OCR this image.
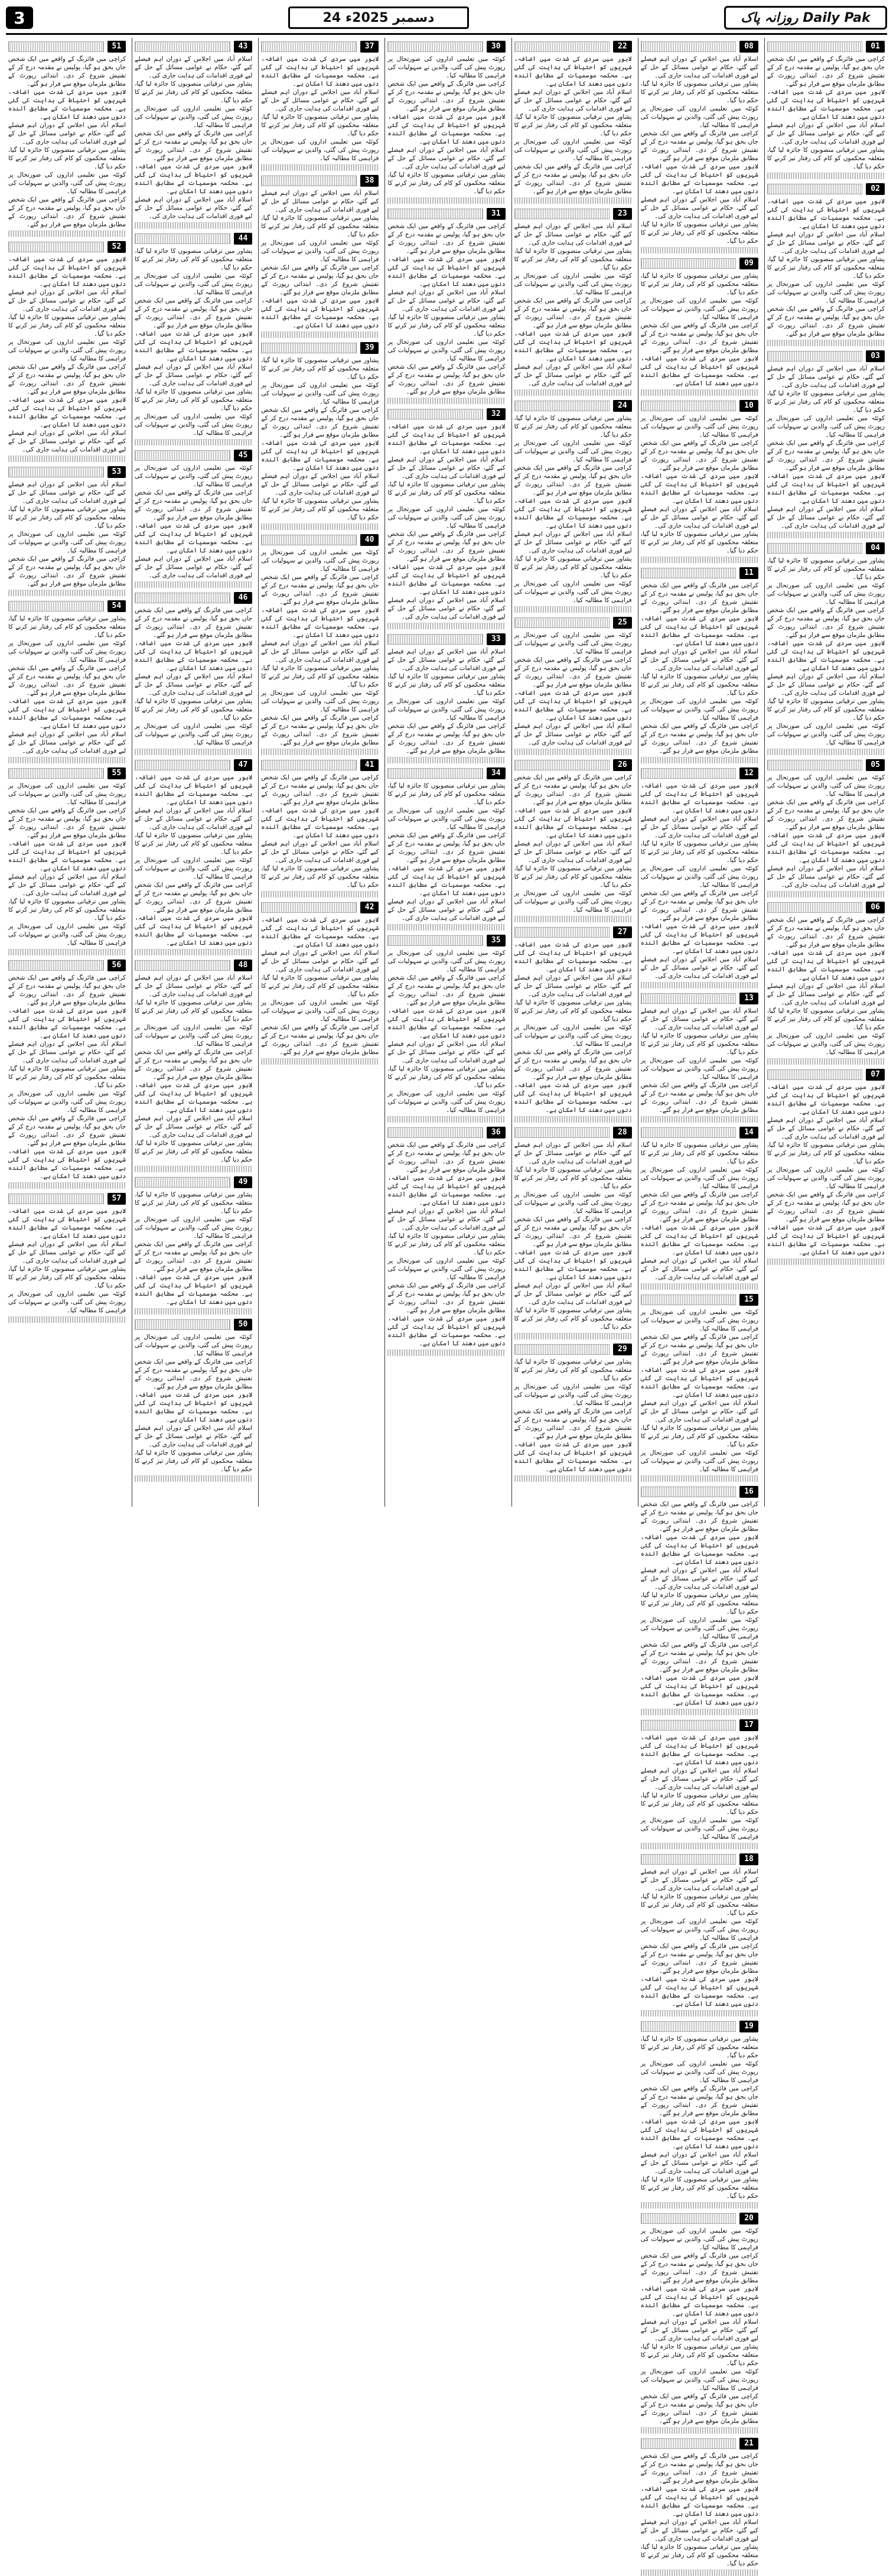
3	24 دسمبر 2025ء	روزانہ پاک Daily Pak
01
کراچی میں فائرنگ کے واقعے میں ایک شخص جاں بحق ہو گیا، پولیس نے مقدمہ درج کر کے تفتیش شروع کر دی۔ ابتدائی رپورٹ کے مطابق ملزمان موقع سے فرار ہو گئے۔
لاہور میں سردی کی شدت میں اضافہ، شہریوں کو احتیاط کی ہدایت کی گئی ہے۔ محکمہ موسمیات کے مطابق آئندہ دنوں میں دھند کا امکان ہے۔
اسلام آباد میں اجلاس کے دوران اہم فیصلے کیے گئے، حکام نے عوامی مسائل کے حل کے لیے فوری اقدامات کی ہدایت جاری کی۔
پشاور میں ترقیاتی منصوبوں کا جائزہ لیا گیا، متعلقہ محکموں کو کام کی رفتار تیز کرنے کا حکم دیا گیا۔
02
لاہور میں سردی کی شدت میں اضافہ، شہریوں کو احتیاط کی ہدایت کی گئی ہے۔ محکمہ موسمیات کے مطابق آئندہ دنوں میں دھند کا امکان ہے۔
اسلام آباد میں اجلاس کے دوران اہم فیصلے کیے گئے، حکام نے عوامی مسائل کے حل کے لیے فوری اقدامات کی ہدایت جاری کی۔
پشاور میں ترقیاتی منصوبوں کا جائزہ لیا گیا، متعلقہ محکموں کو کام کی رفتار تیز کرنے کا حکم دیا گیا۔
کوئٹہ میں تعلیمی اداروں کی صورتحال پر رپورٹ پیش کی گئی، والدین نے سہولیات کی فراہمی کا مطالبہ کیا۔
کراچی میں فائرنگ کے واقعے میں ایک شخص جاں بحق ہو گیا، پولیس نے مقدمہ درج کر کے تفتیش شروع کر دی۔ ابتدائی رپورٹ کے مطابق ملزمان موقع سے فرار ہو گئے۔
03
اسلام آباد میں اجلاس کے دوران اہم فیصلے کیے گئے، حکام نے عوامی مسائل کے حل کے لیے فوری اقدامات کی ہدایت جاری کی۔
پشاور میں ترقیاتی منصوبوں کا جائزہ لیا گیا، متعلقہ محکموں کو کام کی رفتار تیز کرنے کا حکم دیا گیا۔
کوئٹہ میں تعلیمی اداروں کی صورتحال پر رپورٹ پیش کی گئی، والدین نے سہولیات کی فراہمی کا مطالبہ کیا۔
کراچی میں فائرنگ کے واقعے میں ایک شخص جاں بحق ہو گیا، پولیس نے مقدمہ درج کر کے تفتیش شروع کر دی۔ ابتدائی رپورٹ کے مطابق ملزمان موقع سے فرار ہو گئے۔
لاہور میں سردی کی شدت میں اضافہ، شہریوں کو احتیاط کی ہدایت کی گئی ہے۔ محکمہ موسمیات کے مطابق آئندہ دنوں میں دھند کا امکان ہے۔
اسلام آباد میں اجلاس کے دوران اہم فیصلے کیے گئے، حکام نے عوامی مسائل کے حل کے لیے فوری اقدامات کی ہدایت جاری کی۔
04
پشاور میں ترقیاتی منصوبوں کا جائزہ لیا گیا، متعلقہ محکموں کو کام کی رفتار تیز کرنے کا حکم دیا گیا۔
کوئٹہ میں تعلیمی اداروں کی صورتحال پر رپورٹ پیش کی گئی، والدین نے سہولیات کی فراہمی کا مطالبہ کیا۔
کراچی میں فائرنگ کے واقعے میں ایک شخص جاں بحق ہو گیا، پولیس نے مقدمہ درج کر کے تفتیش شروع کر دی۔ ابتدائی رپورٹ کے مطابق ملزمان موقع سے فرار ہو گئے۔
لاہور میں سردی کی شدت میں اضافہ، شہریوں کو احتیاط کی ہدایت کی گئی ہے۔ محکمہ موسمیات کے مطابق آئندہ دنوں میں دھند کا امکان ہے۔
اسلام آباد میں اجلاس کے دوران اہم فیصلے کیے گئے، حکام نے عوامی مسائل کے حل کے لیے فوری اقدامات کی ہدایت جاری کی۔
پشاور میں ترقیاتی منصوبوں کا جائزہ لیا گیا، متعلقہ محکموں کو کام کی رفتار تیز کرنے کا حکم دیا گیا۔
کوئٹہ میں تعلیمی اداروں کی صورتحال پر رپورٹ پیش کی گئی، والدین نے سہولیات کی فراہمی کا مطالبہ کیا۔
05
کوئٹہ میں تعلیمی اداروں کی صورتحال پر رپورٹ پیش کی گئی، والدین نے سہولیات کی فراہمی کا مطالبہ کیا۔
کراچی میں فائرنگ کے واقعے میں ایک شخص جاں بحق ہو گیا، پولیس نے مقدمہ درج کر کے تفتیش شروع کر دی۔ ابتدائی رپورٹ کے مطابق ملزمان موقع سے فرار ہو گئے۔
لاہور میں سردی کی شدت میں اضافہ، شہریوں کو احتیاط کی ہدایت کی گئی ہے۔ محکمہ موسمیات کے مطابق آئندہ دنوں میں دھند کا امکان ہے۔
اسلام آباد میں اجلاس کے دوران اہم فیصلے کیے گئے، حکام نے عوامی مسائل کے حل کے لیے فوری اقدامات کی ہدایت جاری کی۔
06
کراچی میں فائرنگ کے واقعے میں ایک شخص جاں بحق ہو گیا، پولیس نے مقدمہ درج کر کے تفتیش شروع کر دی۔ ابتدائی رپورٹ کے مطابق ملزمان موقع سے فرار ہو گئے۔
لاہور میں سردی کی شدت میں اضافہ، شہریوں کو احتیاط کی ہدایت کی گئی ہے۔ محکمہ موسمیات کے مطابق آئندہ دنوں میں دھند کا امکان ہے۔
اسلام آباد میں اجلاس کے دوران اہم فیصلے کیے گئے، حکام نے عوامی مسائل کے حل کے لیے فوری اقدامات کی ہدایت جاری کی۔
پشاور میں ترقیاتی منصوبوں کا جائزہ لیا گیا، متعلقہ محکموں کو کام کی رفتار تیز کرنے کا حکم دیا گیا۔
کوئٹہ میں تعلیمی اداروں کی صورتحال پر رپورٹ پیش کی گئی، والدین نے سہولیات کی فراہمی کا مطالبہ کیا۔
07
لاہور میں سردی کی شدت میں اضافہ، شہریوں کو احتیاط کی ہدایت کی گئی ہے۔ محکمہ موسمیات کے مطابق آئندہ دنوں میں دھند کا امکان ہے۔
اسلام آباد میں اجلاس کے دوران اہم فیصلے کیے گئے، حکام نے عوامی مسائل کے حل کے لیے فوری اقدامات کی ہدایت جاری کی۔
پشاور میں ترقیاتی منصوبوں کا جائزہ لیا گیا، متعلقہ محکموں کو کام کی رفتار تیز کرنے کا حکم دیا گیا۔
کوئٹہ میں تعلیمی اداروں کی صورتحال پر رپورٹ پیش کی گئی، والدین نے سہولیات کی فراہمی کا مطالبہ کیا۔
کراچی میں فائرنگ کے واقعے میں ایک شخص جاں بحق ہو گیا، پولیس نے مقدمہ درج کر کے تفتیش شروع کر دی۔ ابتدائی رپورٹ کے مطابق ملزمان موقع سے فرار ہو گئے۔
لاہور میں سردی کی شدت میں اضافہ، شہریوں کو احتیاط کی ہدایت کی گئی ہے۔ محکمہ موسمیات کے مطابق آئندہ دنوں میں دھند کا امکان ہے۔
08
اسلام آباد میں اجلاس کے دوران اہم فیصلے کیے گئے، حکام نے عوامی مسائل کے حل کے لیے فوری اقدامات کی ہدایت جاری کی۔
پشاور میں ترقیاتی منصوبوں کا جائزہ لیا گیا، متعلقہ محکموں کو کام کی رفتار تیز کرنے کا حکم دیا گیا۔
کوئٹہ میں تعلیمی اداروں کی صورتحال پر رپورٹ پیش کی گئی، والدین نے سہولیات کی فراہمی کا مطالبہ کیا۔
کراچی میں فائرنگ کے واقعے میں ایک شخص جاں بحق ہو گیا، پولیس نے مقدمہ درج کر کے تفتیش شروع کر دی۔ ابتدائی رپورٹ کے مطابق ملزمان موقع سے فرار ہو گئے۔
لاہور میں سردی کی شدت میں اضافہ، شہریوں کو احتیاط کی ہدایت کی گئی ہے۔ محکمہ موسمیات کے مطابق آئندہ دنوں میں دھند کا امکان ہے۔
اسلام آباد میں اجلاس کے دوران اہم فیصلے کیے گئے، حکام نے عوامی مسائل کے حل کے لیے فوری اقدامات کی ہدایت جاری کی۔
پشاور میں ترقیاتی منصوبوں کا جائزہ لیا گیا، متعلقہ محکموں کو کام کی رفتار تیز کرنے کا حکم دیا گیا۔
09
پشاور میں ترقیاتی منصوبوں کا جائزہ لیا گیا، متعلقہ محکموں کو کام کی رفتار تیز کرنے کا حکم دیا گیا۔
کوئٹہ میں تعلیمی اداروں کی صورتحال پر رپورٹ پیش کی گئی، والدین نے سہولیات کی فراہمی کا مطالبہ کیا۔
کراچی میں فائرنگ کے واقعے میں ایک شخص جاں بحق ہو گیا، پولیس نے مقدمہ درج کر کے تفتیش شروع کر دی۔ ابتدائی رپورٹ کے مطابق ملزمان موقع سے فرار ہو گئے۔
لاہور میں سردی کی شدت میں اضافہ، شہریوں کو احتیاط کی ہدایت کی گئی ہے۔ محکمہ موسمیات کے مطابق آئندہ دنوں میں دھند کا امکان ہے۔
10
کوئٹہ میں تعلیمی اداروں کی صورتحال پر رپورٹ پیش کی گئی، والدین نے سہولیات کی فراہمی کا مطالبہ کیا۔
کراچی میں فائرنگ کے واقعے میں ایک شخص جاں بحق ہو گیا، پولیس نے مقدمہ درج کر کے تفتیش شروع کر دی۔ ابتدائی رپورٹ کے مطابق ملزمان موقع سے فرار ہو گئے۔
لاہور میں سردی کی شدت میں اضافہ، شہریوں کو احتیاط کی ہدایت کی گئی ہے۔ محکمہ موسمیات کے مطابق آئندہ دنوں میں دھند کا امکان ہے۔
اسلام آباد میں اجلاس کے دوران اہم فیصلے کیے گئے، حکام نے عوامی مسائل کے حل کے لیے فوری اقدامات کی ہدایت جاری کی۔
پشاور میں ترقیاتی منصوبوں کا جائزہ لیا گیا، متعلقہ محکموں کو کام کی رفتار تیز کرنے کا حکم دیا گیا۔
11
کراچی میں فائرنگ کے واقعے میں ایک شخص جاں بحق ہو گیا، پولیس نے مقدمہ درج کر کے تفتیش شروع کر دی۔ ابتدائی رپورٹ کے مطابق ملزمان موقع سے فرار ہو گئے۔
لاہور میں سردی کی شدت میں اضافہ، شہریوں کو احتیاط کی ہدایت کی گئی ہے۔ محکمہ موسمیات کے مطابق آئندہ دنوں میں دھند کا امکان ہے۔
اسلام آباد میں اجلاس کے دوران اہم فیصلے کیے گئے، حکام نے عوامی مسائل کے حل کے لیے فوری اقدامات کی ہدایت جاری کی۔
پشاور میں ترقیاتی منصوبوں کا جائزہ لیا گیا، متعلقہ محکموں کو کام کی رفتار تیز کرنے کا حکم دیا گیا۔
کوئٹہ میں تعلیمی اداروں کی صورتحال پر رپورٹ پیش کی گئی، والدین نے سہولیات کی فراہمی کا مطالبہ کیا۔
کراچی میں فائرنگ کے واقعے میں ایک شخص جاں بحق ہو گیا، پولیس نے مقدمہ درج کر کے تفتیش شروع کر دی۔ ابتدائی رپورٹ کے مطابق ملزمان موقع سے فرار ہو گئے۔
12
لاہور میں سردی کی شدت میں اضافہ، شہریوں کو احتیاط کی ہدایت کی گئی ہے۔ محکمہ موسمیات کے مطابق آئندہ دنوں میں دھند کا امکان ہے۔
اسلام آباد میں اجلاس کے دوران اہم فیصلے کیے گئے، حکام نے عوامی مسائل کے حل کے لیے فوری اقدامات کی ہدایت جاری کی۔
پشاور میں ترقیاتی منصوبوں کا جائزہ لیا گیا، متعلقہ محکموں کو کام کی رفتار تیز کرنے کا حکم دیا گیا۔
کوئٹہ میں تعلیمی اداروں کی صورتحال پر رپورٹ پیش کی گئی، والدین نے سہولیات کی فراہمی کا مطالبہ کیا۔
کراچی میں فائرنگ کے واقعے میں ایک شخص جاں بحق ہو گیا، پولیس نے مقدمہ درج کر کے تفتیش شروع کر دی۔ ابتدائی رپورٹ کے مطابق ملزمان موقع سے فرار ہو گئے۔
لاہور میں سردی کی شدت میں اضافہ، شہریوں کو احتیاط کی ہدایت کی گئی ہے۔ محکمہ موسمیات کے مطابق آئندہ دنوں میں دھند کا امکان ہے۔
اسلام آباد میں اجلاس کے دوران اہم فیصلے کیے گئے، حکام نے عوامی مسائل کے حل کے لیے فوری اقدامات کی ہدایت جاری کی۔
13
اسلام آباد میں اجلاس کے دوران اہم فیصلے کیے گئے، حکام نے عوامی مسائل کے حل کے لیے فوری اقدامات کی ہدایت جاری کی۔
پشاور میں ترقیاتی منصوبوں کا جائزہ لیا گیا، متعلقہ محکموں کو کام کی رفتار تیز کرنے کا حکم دیا گیا۔
کوئٹہ میں تعلیمی اداروں کی صورتحال پر رپورٹ پیش کی گئی، والدین نے سہولیات کی فراہمی کا مطالبہ کیا۔
کراچی میں فائرنگ کے واقعے میں ایک شخص جاں بحق ہو گیا، پولیس نے مقدمہ درج کر کے تفتیش شروع کر دی۔ ابتدائی رپورٹ کے مطابق ملزمان موقع سے فرار ہو گئے۔
14
پشاور میں ترقیاتی منصوبوں کا جائزہ لیا گیا، متعلقہ محکموں کو کام کی رفتار تیز کرنے کا حکم دیا گیا۔
کوئٹہ میں تعلیمی اداروں کی صورتحال پر رپورٹ پیش کی گئی، والدین نے سہولیات کی فراہمی کا مطالبہ کیا۔
کراچی میں فائرنگ کے واقعے میں ایک شخص جاں بحق ہو گیا، پولیس نے مقدمہ درج کر کے تفتیش شروع کر دی۔ ابتدائی رپورٹ کے مطابق ملزمان موقع سے فرار ہو گئے۔
لاہور میں سردی کی شدت میں اضافہ، شہریوں کو احتیاط کی ہدایت کی گئی ہے۔ محکمہ موسمیات کے مطابق آئندہ دنوں میں دھند کا امکان ہے۔
اسلام آباد میں اجلاس کے دوران اہم فیصلے کیے گئے، حکام نے عوامی مسائل کے حل کے لیے فوری اقدامات کی ہدایت جاری کی۔
15
کوئٹہ میں تعلیمی اداروں کی صورتحال پر رپورٹ پیش کی گئی، والدین نے سہولیات کی فراہمی کا مطالبہ کیا۔
کراچی میں فائرنگ کے واقعے میں ایک شخص جاں بحق ہو گیا، پولیس نے مقدمہ درج کر کے تفتیش شروع کر دی۔ ابتدائی رپورٹ کے مطابق ملزمان موقع سے فرار ہو گئے۔
لاہور میں سردی کی شدت میں اضافہ، شہریوں کو احتیاط کی ہدایت کی گئی ہے۔ محکمہ موسمیات کے مطابق آئندہ دنوں میں دھند کا امکان ہے۔
اسلام آباد میں اجلاس کے دوران اہم فیصلے کیے گئے، حکام نے عوامی مسائل کے حل کے لیے فوری اقدامات کی ہدایت جاری کی۔
پشاور میں ترقیاتی منصوبوں کا جائزہ لیا گیا، متعلقہ محکموں کو کام کی رفتار تیز کرنے کا حکم دیا گیا۔
کوئٹہ میں تعلیمی اداروں کی صورتحال پر رپورٹ پیش کی گئی، والدین نے سہولیات کی فراہمی کا مطالبہ کیا۔
16
کراچی میں فائرنگ کے واقعے میں ایک شخص جاں بحق ہو گیا، پولیس نے مقدمہ درج کر کے تفتیش شروع کر دی۔ ابتدائی رپورٹ کے مطابق ملزمان موقع سے فرار ہو گئے۔
لاہور میں سردی کی شدت میں اضافہ، شہریوں کو احتیاط کی ہدایت کی گئی ہے۔ محکمہ موسمیات کے مطابق آئندہ دنوں میں دھند کا امکان ہے۔
اسلام آباد میں اجلاس کے دوران اہم فیصلے کیے گئے، حکام نے عوامی مسائل کے حل کے لیے فوری اقدامات کی ہدایت جاری کی۔
پشاور میں ترقیاتی منصوبوں کا جائزہ لیا گیا، متعلقہ محکموں کو کام کی رفتار تیز کرنے کا حکم دیا گیا۔
کوئٹہ میں تعلیمی اداروں کی صورتحال پر رپورٹ پیش کی گئی، والدین نے سہولیات کی فراہمی کا مطالبہ کیا۔
کراچی میں فائرنگ کے واقعے میں ایک شخص جاں بحق ہو گیا، پولیس نے مقدمہ درج کر کے تفتیش شروع کر دی۔ ابتدائی رپورٹ کے مطابق ملزمان موقع سے فرار ہو گئے۔
لاہور میں سردی کی شدت میں اضافہ، شہریوں کو احتیاط کی ہدایت کی گئی ہے۔ محکمہ موسمیات کے مطابق آئندہ دنوں میں دھند کا امکان ہے۔
17
لاہور میں سردی کی شدت میں اضافہ، شہریوں کو احتیاط کی ہدایت کی گئی ہے۔ محکمہ موسمیات کے مطابق آئندہ دنوں میں دھند کا امکان ہے۔
اسلام آباد میں اجلاس کے دوران اہم فیصلے کیے گئے، حکام نے عوامی مسائل کے حل کے لیے فوری اقدامات کی ہدایت جاری کی۔
پشاور میں ترقیاتی منصوبوں کا جائزہ لیا گیا، متعلقہ محکموں کو کام کی رفتار تیز کرنے کا حکم دیا گیا۔
کوئٹہ میں تعلیمی اداروں کی صورتحال پر رپورٹ پیش کی گئی، والدین نے سہولیات کی فراہمی کا مطالبہ کیا۔
18
اسلام آباد میں اجلاس کے دوران اہم فیصلے کیے گئے، حکام نے عوامی مسائل کے حل کے لیے فوری اقدامات کی ہدایت جاری کی۔
پشاور میں ترقیاتی منصوبوں کا جائزہ لیا گیا، متعلقہ محکموں کو کام کی رفتار تیز کرنے کا حکم دیا گیا۔
کوئٹہ میں تعلیمی اداروں کی صورتحال پر رپورٹ پیش کی گئی، والدین نے سہولیات کی فراہمی کا مطالبہ کیا۔
کراچی میں فائرنگ کے واقعے میں ایک شخص جاں بحق ہو گیا، پولیس نے مقدمہ درج کر کے تفتیش شروع کر دی۔ ابتدائی رپورٹ کے مطابق ملزمان موقع سے فرار ہو گئے۔
لاہور میں سردی کی شدت میں اضافہ، شہریوں کو احتیاط کی ہدایت کی گئی ہے۔ محکمہ موسمیات کے مطابق آئندہ دنوں میں دھند کا امکان ہے۔
19
پشاور میں ترقیاتی منصوبوں کا جائزہ لیا گیا، متعلقہ محکموں کو کام کی رفتار تیز کرنے کا حکم دیا گیا۔
کوئٹہ میں تعلیمی اداروں کی صورتحال پر رپورٹ پیش کی گئی، والدین نے سہولیات کی فراہمی کا مطالبہ کیا۔
کراچی میں فائرنگ کے واقعے میں ایک شخص جاں بحق ہو گیا، پولیس نے مقدمہ درج کر کے تفتیش شروع کر دی۔ ابتدائی رپورٹ کے مطابق ملزمان موقع سے فرار ہو گئے۔
لاہور میں سردی کی شدت میں اضافہ، شہریوں کو احتیاط کی ہدایت کی گئی ہے۔ محکمہ موسمیات کے مطابق آئندہ دنوں میں دھند کا امکان ہے۔
اسلام آباد میں اجلاس کے دوران اہم فیصلے کیے گئے، حکام نے عوامی مسائل کے حل کے لیے فوری اقدامات کی ہدایت جاری کی۔
پشاور میں ترقیاتی منصوبوں کا جائزہ لیا گیا، متعلقہ محکموں کو کام کی رفتار تیز کرنے کا حکم دیا گیا۔
20
کوئٹہ میں تعلیمی اداروں کی صورتحال پر رپورٹ پیش کی گئی، والدین نے سہولیات کی فراہمی کا مطالبہ کیا۔
کراچی میں فائرنگ کے واقعے میں ایک شخص جاں بحق ہو گیا، پولیس نے مقدمہ درج کر کے تفتیش شروع کر دی۔ ابتدائی رپورٹ کے مطابق ملزمان موقع سے فرار ہو گئے۔
لاہور میں سردی کی شدت میں اضافہ، شہریوں کو احتیاط کی ہدایت کی گئی ہے۔ محکمہ موسمیات کے مطابق آئندہ دنوں میں دھند کا امکان ہے۔
اسلام آباد میں اجلاس کے دوران اہم فیصلے کیے گئے، حکام نے عوامی مسائل کے حل کے لیے فوری اقدامات کی ہدایت جاری کی۔
پشاور میں ترقیاتی منصوبوں کا جائزہ لیا گیا، متعلقہ محکموں کو کام کی رفتار تیز کرنے کا حکم دیا گیا۔
کوئٹہ میں تعلیمی اداروں کی صورتحال پر رپورٹ پیش کی گئی، والدین نے سہولیات کی فراہمی کا مطالبہ کیا۔
کراچی میں فائرنگ کے واقعے میں ایک شخص جاں بحق ہو گیا، پولیس نے مقدمہ درج کر کے تفتیش شروع کر دی۔ ابتدائی رپورٹ کے مطابق ملزمان موقع سے فرار ہو گئے۔
21
کراچی میں فائرنگ کے واقعے میں ایک شخص جاں بحق ہو گیا، پولیس نے مقدمہ درج کر کے تفتیش شروع کر دی۔ ابتدائی رپورٹ کے مطابق ملزمان موقع سے فرار ہو گئے۔
لاہور میں سردی کی شدت میں اضافہ، شہریوں کو احتیاط کی ہدایت کی گئی ہے۔ محکمہ موسمیات کے مطابق آئندہ دنوں میں دھند کا امکان ہے۔
اسلام آباد میں اجلاس کے دوران اہم فیصلے کیے گئے، حکام نے عوامی مسائل کے حل کے لیے فوری اقدامات کی ہدایت جاری کی۔
پشاور میں ترقیاتی منصوبوں کا جائزہ لیا گیا، متعلقہ محکموں کو کام کی رفتار تیز کرنے کا حکم دیا گیا۔
22
لاہور میں سردی کی شدت میں اضافہ، شہریوں کو احتیاط کی ہدایت کی گئی ہے۔ محکمہ موسمیات کے مطابق آئندہ دنوں میں دھند کا امکان ہے۔
اسلام آباد میں اجلاس کے دوران اہم فیصلے کیے گئے، حکام نے عوامی مسائل کے حل کے لیے فوری اقدامات کی ہدایت جاری کی۔
پشاور میں ترقیاتی منصوبوں کا جائزہ لیا گیا، متعلقہ محکموں کو کام کی رفتار تیز کرنے کا حکم دیا گیا۔
کوئٹہ میں تعلیمی اداروں کی صورتحال پر رپورٹ پیش کی گئی، والدین نے سہولیات کی فراہمی کا مطالبہ کیا۔
کراچی میں فائرنگ کے واقعے میں ایک شخص جاں بحق ہو گیا، پولیس نے مقدمہ درج کر کے تفتیش شروع کر دی۔ ابتدائی رپورٹ کے مطابق ملزمان موقع سے فرار ہو گئے۔
23
اسلام آباد میں اجلاس کے دوران اہم فیصلے کیے گئے، حکام نے عوامی مسائل کے حل کے لیے فوری اقدامات کی ہدایت جاری کی۔
پشاور میں ترقیاتی منصوبوں کا جائزہ لیا گیا، متعلقہ محکموں کو کام کی رفتار تیز کرنے کا حکم دیا گیا۔
کوئٹہ میں تعلیمی اداروں کی صورتحال پر رپورٹ پیش کی گئی، والدین نے سہولیات کی فراہمی کا مطالبہ کیا۔
کراچی میں فائرنگ کے واقعے میں ایک شخص جاں بحق ہو گیا، پولیس نے مقدمہ درج کر کے تفتیش شروع کر دی۔ ابتدائی رپورٹ کے مطابق ملزمان موقع سے فرار ہو گئے۔
لاہور میں سردی کی شدت میں اضافہ، شہریوں کو احتیاط کی ہدایت کی گئی ہے۔ محکمہ موسمیات کے مطابق آئندہ دنوں میں دھند کا امکان ہے۔
اسلام آباد میں اجلاس کے دوران اہم فیصلے کیے گئے، حکام نے عوامی مسائل کے حل کے لیے فوری اقدامات کی ہدایت جاری کی۔
24
پشاور میں ترقیاتی منصوبوں کا جائزہ لیا گیا، متعلقہ محکموں کو کام کی رفتار تیز کرنے کا حکم دیا گیا۔
کوئٹہ میں تعلیمی اداروں کی صورتحال پر رپورٹ پیش کی گئی، والدین نے سہولیات کی فراہمی کا مطالبہ کیا۔
کراچی میں فائرنگ کے واقعے میں ایک شخص جاں بحق ہو گیا، پولیس نے مقدمہ درج کر کے تفتیش شروع کر دی۔ ابتدائی رپورٹ کے مطابق ملزمان موقع سے فرار ہو گئے۔
لاہور میں سردی کی شدت میں اضافہ، شہریوں کو احتیاط کی ہدایت کی گئی ہے۔ محکمہ موسمیات کے مطابق آئندہ دنوں میں دھند کا امکان ہے۔
اسلام آباد میں اجلاس کے دوران اہم فیصلے کیے گئے، حکام نے عوامی مسائل کے حل کے لیے فوری اقدامات کی ہدایت جاری کی۔
پشاور میں ترقیاتی منصوبوں کا جائزہ لیا گیا، متعلقہ محکموں کو کام کی رفتار تیز کرنے کا حکم دیا گیا۔
کوئٹہ میں تعلیمی اداروں کی صورتحال پر رپورٹ پیش کی گئی، والدین نے سہولیات کی فراہمی کا مطالبہ کیا۔
25
کوئٹہ میں تعلیمی اداروں کی صورتحال پر رپورٹ پیش کی گئی، والدین نے سہولیات کی فراہمی کا مطالبہ کیا۔
کراچی میں فائرنگ کے واقعے میں ایک شخص جاں بحق ہو گیا، پولیس نے مقدمہ درج کر کے تفتیش شروع کر دی۔ ابتدائی رپورٹ کے مطابق ملزمان موقع سے فرار ہو گئے۔
لاہور میں سردی کی شدت میں اضافہ، شہریوں کو احتیاط کی ہدایت کی گئی ہے۔ محکمہ موسمیات کے مطابق آئندہ دنوں میں دھند کا امکان ہے۔
اسلام آباد میں اجلاس کے دوران اہم فیصلے کیے گئے، حکام نے عوامی مسائل کے حل کے لیے فوری اقدامات کی ہدایت جاری کی۔
26
کراچی میں فائرنگ کے واقعے میں ایک شخص جاں بحق ہو گیا، پولیس نے مقدمہ درج کر کے تفتیش شروع کر دی۔ ابتدائی رپورٹ کے مطابق ملزمان موقع سے فرار ہو گئے۔
لاہور میں سردی کی شدت میں اضافہ، شہریوں کو احتیاط کی ہدایت کی گئی ہے۔ محکمہ موسمیات کے مطابق آئندہ دنوں میں دھند کا امکان ہے۔
اسلام آباد میں اجلاس کے دوران اہم فیصلے کیے گئے، حکام نے عوامی مسائل کے حل کے لیے فوری اقدامات کی ہدایت جاری کی۔
پشاور میں ترقیاتی منصوبوں کا جائزہ لیا گیا، متعلقہ محکموں کو کام کی رفتار تیز کرنے کا حکم دیا گیا۔
کوئٹہ میں تعلیمی اداروں کی صورتحال پر رپورٹ پیش کی گئی، والدین نے سہولیات کی فراہمی کا مطالبہ کیا۔
27
لاہور میں سردی کی شدت میں اضافہ، شہریوں کو احتیاط کی ہدایت کی گئی ہے۔ محکمہ موسمیات کے مطابق آئندہ دنوں میں دھند کا امکان ہے۔
اسلام آباد میں اجلاس کے دوران اہم فیصلے کیے گئے، حکام نے عوامی مسائل کے حل کے لیے فوری اقدامات کی ہدایت جاری کی۔
پشاور میں ترقیاتی منصوبوں کا جائزہ لیا گیا، متعلقہ محکموں کو کام کی رفتار تیز کرنے کا حکم دیا گیا۔
کوئٹہ میں تعلیمی اداروں کی صورتحال پر رپورٹ پیش کی گئی، والدین نے سہولیات کی فراہمی کا مطالبہ کیا۔
کراچی میں فائرنگ کے واقعے میں ایک شخص جاں بحق ہو گیا، پولیس نے مقدمہ درج کر کے تفتیش شروع کر دی۔ ابتدائی رپورٹ کے مطابق ملزمان موقع سے فرار ہو گئے۔
لاہور میں سردی کی شدت میں اضافہ، شہریوں کو احتیاط کی ہدایت کی گئی ہے۔ محکمہ موسمیات کے مطابق آئندہ دنوں میں دھند کا امکان ہے۔
28
اسلام آباد میں اجلاس کے دوران اہم فیصلے کیے گئے، حکام نے عوامی مسائل کے حل کے لیے فوری اقدامات کی ہدایت جاری کی۔
پشاور میں ترقیاتی منصوبوں کا جائزہ لیا گیا، متعلقہ محکموں کو کام کی رفتار تیز کرنے کا حکم دیا گیا۔
کوئٹہ میں تعلیمی اداروں کی صورتحال پر رپورٹ پیش کی گئی، والدین نے سہولیات کی فراہمی کا مطالبہ کیا۔
کراچی میں فائرنگ کے واقعے میں ایک شخص جاں بحق ہو گیا، پولیس نے مقدمہ درج کر کے تفتیش شروع کر دی۔ ابتدائی رپورٹ کے مطابق ملزمان موقع سے فرار ہو گئے۔
لاہور میں سردی کی شدت میں اضافہ، شہریوں کو احتیاط کی ہدایت کی گئی ہے۔ محکمہ موسمیات کے مطابق آئندہ دنوں میں دھند کا امکان ہے۔
اسلام آباد میں اجلاس کے دوران اہم فیصلے کیے گئے، حکام نے عوامی مسائل کے حل کے لیے فوری اقدامات کی ہدایت جاری کی۔
پشاور میں ترقیاتی منصوبوں کا جائزہ لیا گیا، متعلقہ محکموں کو کام کی رفتار تیز کرنے کا حکم دیا گیا۔
29
پشاور میں ترقیاتی منصوبوں کا جائزہ لیا گیا، متعلقہ محکموں کو کام کی رفتار تیز کرنے کا حکم دیا گیا۔
کوئٹہ میں تعلیمی اداروں کی صورتحال پر رپورٹ پیش کی گئی، والدین نے سہولیات کی فراہمی کا مطالبہ کیا۔
کراچی میں فائرنگ کے واقعے میں ایک شخص جاں بحق ہو گیا، پولیس نے مقدمہ درج کر کے تفتیش شروع کر دی۔ ابتدائی رپورٹ کے مطابق ملزمان موقع سے فرار ہو گئے۔
لاہور میں سردی کی شدت میں اضافہ، شہریوں کو احتیاط کی ہدایت کی گئی ہے۔ محکمہ موسمیات کے مطابق آئندہ دنوں میں دھند کا امکان ہے۔
30
کوئٹہ میں تعلیمی اداروں کی صورتحال پر رپورٹ پیش کی گئی، والدین نے سہولیات کی فراہمی کا مطالبہ کیا۔
کراچی میں فائرنگ کے واقعے میں ایک شخص جاں بحق ہو گیا، پولیس نے مقدمہ درج کر کے تفتیش شروع کر دی۔ ابتدائی رپورٹ کے مطابق ملزمان موقع سے فرار ہو گئے۔
لاہور میں سردی کی شدت میں اضافہ، شہریوں کو احتیاط کی ہدایت کی گئی ہے۔ محکمہ موسمیات کے مطابق آئندہ دنوں میں دھند کا امکان ہے۔
اسلام آباد میں اجلاس کے دوران اہم فیصلے کیے گئے، حکام نے عوامی مسائل کے حل کے لیے فوری اقدامات کی ہدایت جاری کی۔
پشاور میں ترقیاتی منصوبوں کا جائزہ لیا گیا، متعلقہ محکموں کو کام کی رفتار تیز کرنے کا حکم دیا گیا۔
31
کراچی میں فائرنگ کے واقعے میں ایک شخص جاں بحق ہو گیا، پولیس نے مقدمہ درج کر کے تفتیش شروع کر دی۔ ابتدائی رپورٹ کے مطابق ملزمان موقع سے فرار ہو گئے۔
لاہور میں سردی کی شدت میں اضافہ، شہریوں کو احتیاط کی ہدایت کی گئی ہے۔ محکمہ موسمیات کے مطابق آئندہ دنوں میں دھند کا امکان ہے۔
اسلام آباد میں اجلاس کے دوران اہم فیصلے کیے گئے، حکام نے عوامی مسائل کے حل کے لیے فوری اقدامات کی ہدایت جاری کی۔
پشاور میں ترقیاتی منصوبوں کا جائزہ لیا گیا، متعلقہ محکموں کو کام کی رفتار تیز کرنے کا حکم دیا گیا۔
کوئٹہ میں تعلیمی اداروں کی صورتحال پر رپورٹ پیش کی گئی، والدین نے سہولیات کی فراہمی کا مطالبہ کیا۔
کراچی میں فائرنگ کے واقعے میں ایک شخص جاں بحق ہو گیا، پولیس نے مقدمہ درج کر کے تفتیش شروع کر دی۔ ابتدائی رپورٹ کے مطابق ملزمان موقع سے فرار ہو گئے۔
32
لاہور میں سردی کی شدت میں اضافہ، شہریوں کو احتیاط کی ہدایت کی گئی ہے۔ محکمہ موسمیات کے مطابق آئندہ دنوں میں دھند کا امکان ہے۔
اسلام آباد میں اجلاس کے دوران اہم فیصلے کیے گئے، حکام نے عوامی مسائل کے حل کے لیے فوری اقدامات کی ہدایت جاری کی۔
پشاور میں ترقیاتی منصوبوں کا جائزہ لیا گیا، متعلقہ محکموں کو کام کی رفتار تیز کرنے کا حکم دیا گیا۔
کوئٹہ میں تعلیمی اداروں کی صورتحال پر رپورٹ پیش کی گئی، والدین نے سہولیات کی فراہمی کا مطالبہ کیا۔
کراچی میں فائرنگ کے واقعے میں ایک شخص جاں بحق ہو گیا، پولیس نے مقدمہ درج کر کے تفتیش شروع کر دی۔ ابتدائی رپورٹ کے مطابق ملزمان موقع سے فرار ہو گئے۔
لاہور میں سردی کی شدت میں اضافہ، شہریوں کو احتیاط کی ہدایت کی گئی ہے۔ محکمہ موسمیات کے مطابق آئندہ دنوں میں دھند کا امکان ہے۔
اسلام آباد میں اجلاس کے دوران اہم فیصلے کیے گئے، حکام نے عوامی مسائل کے حل کے لیے فوری اقدامات کی ہدایت جاری کی۔
33
اسلام آباد میں اجلاس کے دوران اہم فیصلے کیے گئے، حکام نے عوامی مسائل کے حل کے لیے فوری اقدامات کی ہدایت جاری کی۔
پشاور میں ترقیاتی منصوبوں کا جائزہ لیا گیا، متعلقہ محکموں کو کام کی رفتار تیز کرنے کا حکم دیا گیا۔
کوئٹہ میں تعلیمی اداروں کی صورتحال پر رپورٹ پیش کی گئی، والدین نے سہولیات کی فراہمی کا مطالبہ کیا۔
کراچی میں فائرنگ کے واقعے میں ایک شخص جاں بحق ہو گیا، پولیس نے مقدمہ درج کر کے تفتیش شروع کر دی۔ ابتدائی رپورٹ کے مطابق ملزمان موقع سے فرار ہو گئے۔
34
پشاور میں ترقیاتی منصوبوں کا جائزہ لیا گیا، متعلقہ محکموں کو کام کی رفتار تیز کرنے کا حکم دیا گیا۔
کوئٹہ میں تعلیمی اداروں کی صورتحال پر رپورٹ پیش کی گئی، والدین نے سہولیات کی فراہمی کا مطالبہ کیا۔
کراچی میں فائرنگ کے واقعے میں ایک شخص جاں بحق ہو گیا، پولیس نے مقدمہ درج کر کے تفتیش شروع کر دی۔ ابتدائی رپورٹ کے مطابق ملزمان موقع سے فرار ہو گئے۔
لاہور میں سردی کی شدت میں اضافہ، شہریوں کو احتیاط کی ہدایت کی گئی ہے۔ محکمہ موسمیات کے مطابق آئندہ دنوں میں دھند کا امکان ہے۔
اسلام آباد میں اجلاس کے دوران اہم فیصلے کیے گئے، حکام نے عوامی مسائل کے حل کے لیے فوری اقدامات کی ہدایت جاری کی۔
35
کوئٹہ میں تعلیمی اداروں کی صورتحال پر رپورٹ پیش کی گئی، والدین نے سہولیات کی فراہمی کا مطالبہ کیا۔
کراچی میں فائرنگ کے واقعے میں ایک شخص جاں بحق ہو گیا، پولیس نے مقدمہ درج کر کے تفتیش شروع کر دی۔ ابتدائی رپورٹ کے مطابق ملزمان موقع سے فرار ہو گئے۔
لاہور میں سردی کی شدت میں اضافہ، شہریوں کو احتیاط کی ہدایت کی گئی ہے۔ محکمہ موسمیات کے مطابق آئندہ دنوں میں دھند کا امکان ہے۔
اسلام آباد میں اجلاس کے دوران اہم فیصلے کیے گئے، حکام نے عوامی مسائل کے حل کے لیے فوری اقدامات کی ہدایت جاری کی۔
پشاور میں ترقیاتی منصوبوں کا جائزہ لیا گیا، متعلقہ محکموں کو کام کی رفتار تیز کرنے کا حکم دیا گیا۔
کوئٹہ میں تعلیمی اداروں کی صورتحال پر رپورٹ پیش کی گئی، والدین نے سہولیات کی فراہمی کا مطالبہ کیا۔
36
کراچی میں فائرنگ کے واقعے میں ایک شخص جاں بحق ہو گیا، پولیس نے مقدمہ درج کر کے تفتیش شروع کر دی۔ ابتدائی رپورٹ کے مطابق ملزمان موقع سے فرار ہو گئے۔
لاہور میں سردی کی شدت میں اضافہ، شہریوں کو احتیاط کی ہدایت کی گئی ہے۔ محکمہ موسمیات کے مطابق آئندہ دنوں میں دھند کا امکان ہے۔
اسلام آباد میں اجلاس کے دوران اہم فیصلے کیے گئے، حکام نے عوامی مسائل کے حل کے لیے فوری اقدامات کی ہدایت جاری کی۔
پشاور میں ترقیاتی منصوبوں کا جائزہ لیا گیا، متعلقہ محکموں کو کام کی رفتار تیز کرنے کا حکم دیا گیا۔
کوئٹہ میں تعلیمی اداروں کی صورتحال پر رپورٹ پیش کی گئی، والدین نے سہولیات کی فراہمی کا مطالبہ کیا۔
کراچی میں فائرنگ کے واقعے میں ایک شخص جاں بحق ہو گیا، پولیس نے مقدمہ درج کر کے تفتیش شروع کر دی۔ ابتدائی رپورٹ کے مطابق ملزمان موقع سے فرار ہو گئے۔
لاہور میں سردی کی شدت میں اضافہ، شہریوں کو احتیاط کی ہدایت کی گئی ہے۔ محکمہ موسمیات کے مطابق آئندہ دنوں میں دھند کا امکان ہے۔
37
لاہور میں سردی کی شدت میں اضافہ، شہریوں کو احتیاط کی ہدایت کی گئی ہے۔ محکمہ موسمیات کے مطابق آئندہ دنوں میں دھند کا امکان ہے۔
اسلام آباد میں اجلاس کے دوران اہم فیصلے کیے گئے، حکام نے عوامی مسائل کے حل کے لیے فوری اقدامات کی ہدایت جاری کی۔
پشاور میں ترقیاتی منصوبوں کا جائزہ لیا گیا، متعلقہ محکموں کو کام کی رفتار تیز کرنے کا حکم دیا گیا۔
کوئٹہ میں تعلیمی اداروں کی صورتحال پر رپورٹ پیش کی گئی، والدین نے سہولیات کی فراہمی کا مطالبہ کیا۔
38
اسلام آباد میں اجلاس کے دوران اہم فیصلے کیے گئے، حکام نے عوامی مسائل کے حل کے لیے فوری اقدامات کی ہدایت جاری کی۔
پشاور میں ترقیاتی منصوبوں کا جائزہ لیا گیا، متعلقہ محکموں کو کام کی رفتار تیز کرنے کا حکم دیا گیا۔
کوئٹہ میں تعلیمی اداروں کی صورتحال پر رپورٹ پیش کی گئی، والدین نے سہولیات کی فراہمی کا مطالبہ کیا۔
کراچی میں فائرنگ کے واقعے میں ایک شخص جاں بحق ہو گیا، پولیس نے مقدمہ درج کر کے تفتیش شروع کر دی۔ ابتدائی رپورٹ کے مطابق ملزمان موقع سے فرار ہو گئے۔
لاہور میں سردی کی شدت میں اضافہ، شہریوں کو احتیاط کی ہدایت کی گئی ہے۔ محکمہ موسمیات کے مطابق آئندہ دنوں میں دھند کا امکان ہے۔
39
پشاور میں ترقیاتی منصوبوں کا جائزہ لیا گیا، متعلقہ محکموں کو کام کی رفتار تیز کرنے کا حکم دیا گیا۔
کوئٹہ میں تعلیمی اداروں کی صورتحال پر رپورٹ پیش کی گئی، والدین نے سہولیات کی فراہمی کا مطالبہ کیا۔
کراچی میں فائرنگ کے واقعے میں ایک شخص جاں بحق ہو گیا، پولیس نے مقدمہ درج کر کے تفتیش شروع کر دی۔ ابتدائی رپورٹ کے مطابق ملزمان موقع سے فرار ہو گئے۔
لاہور میں سردی کی شدت میں اضافہ، شہریوں کو احتیاط کی ہدایت کی گئی ہے۔ محکمہ موسمیات کے مطابق آئندہ دنوں میں دھند کا امکان ہے۔
اسلام آباد میں اجلاس کے دوران اہم فیصلے کیے گئے، حکام نے عوامی مسائل کے حل کے لیے فوری اقدامات کی ہدایت جاری کی۔
پشاور میں ترقیاتی منصوبوں کا جائزہ لیا گیا، متعلقہ محکموں کو کام کی رفتار تیز کرنے کا حکم دیا گیا۔
40
کوئٹہ میں تعلیمی اداروں کی صورتحال پر رپورٹ پیش کی گئی، والدین نے سہولیات کی فراہمی کا مطالبہ کیا۔
کراچی میں فائرنگ کے واقعے میں ایک شخص جاں بحق ہو گیا، پولیس نے مقدمہ درج کر کے تفتیش شروع کر دی۔ ابتدائی رپورٹ کے مطابق ملزمان موقع سے فرار ہو گئے۔
لاہور میں سردی کی شدت میں اضافہ، شہریوں کو احتیاط کی ہدایت کی گئی ہے۔ محکمہ موسمیات کے مطابق آئندہ دنوں میں دھند کا امکان ہے۔
اسلام آباد میں اجلاس کے دوران اہم فیصلے کیے گئے، حکام نے عوامی مسائل کے حل کے لیے فوری اقدامات کی ہدایت جاری کی۔
پشاور میں ترقیاتی منصوبوں کا جائزہ لیا گیا، متعلقہ محکموں کو کام کی رفتار تیز کرنے کا حکم دیا گیا۔
کوئٹہ میں تعلیمی اداروں کی صورتحال پر رپورٹ پیش کی گئی، والدین نے سہولیات کی فراہمی کا مطالبہ کیا۔
کراچی میں فائرنگ کے واقعے میں ایک شخص جاں بحق ہو گیا، پولیس نے مقدمہ درج کر کے تفتیش شروع کر دی۔ ابتدائی رپورٹ کے مطابق ملزمان موقع سے فرار ہو گئے۔
41
کراچی میں فائرنگ کے واقعے میں ایک شخص جاں بحق ہو گیا، پولیس نے مقدمہ درج کر کے تفتیش شروع کر دی۔ ابتدائی رپورٹ کے مطابق ملزمان موقع سے فرار ہو گئے۔
لاہور میں سردی کی شدت میں اضافہ، شہریوں کو احتیاط کی ہدایت کی گئی ہے۔ محکمہ موسمیات کے مطابق آئندہ دنوں میں دھند کا امکان ہے۔
اسلام آباد میں اجلاس کے دوران اہم فیصلے کیے گئے، حکام نے عوامی مسائل کے حل کے لیے فوری اقدامات کی ہدایت جاری کی۔
پشاور میں ترقیاتی منصوبوں کا جائزہ لیا گیا، متعلقہ محکموں کو کام کی رفتار تیز کرنے کا حکم دیا گیا۔
42
لاہور میں سردی کی شدت میں اضافہ، شہریوں کو احتیاط کی ہدایت کی گئی ہے۔ محکمہ موسمیات کے مطابق آئندہ دنوں میں دھند کا امکان ہے۔
اسلام آباد میں اجلاس کے دوران اہم فیصلے کیے گئے، حکام نے عوامی مسائل کے حل کے لیے فوری اقدامات کی ہدایت جاری کی۔
پشاور میں ترقیاتی منصوبوں کا جائزہ لیا گیا، متعلقہ محکموں کو کام کی رفتار تیز کرنے کا حکم دیا گیا۔
کوئٹہ میں تعلیمی اداروں کی صورتحال پر رپورٹ پیش کی گئی، والدین نے سہولیات کی فراہمی کا مطالبہ کیا۔
کراچی میں فائرنگ کے واقعے میں ایک شخص جاں بحق ہو گیا، پولیس نے مقدمہ درج کر کے تفتیش شروع کر دی۔ ابتدائی رپورٹ کے مطابق ملزمان موقع سے فرار ہو گئے۔
43
اسلام آباد میں اجلاس کے دوران اہم فیصلے کیے گئے، حکام نے عوامی مسائل کے حل کے لیے فوری اقدامات کی ہدایت جاری کی۔
پشاور میں ترقیاتی منصوبوں کا جائزہ لیا گیا، متعلقہ محکموں کو کام کی رفتار تیز کرنے کا حکم دیا گیا۔
کوئٹہ میں تعلیمی اداروں کی صورتحال پر رپورٹ پیش کی گئی، والدین نے سہولیات کی فراہمی کا مطالبہ کیا۔
کراچی میں فائرنگ کے واقعے میں ایک شخص جاں بحق ہو گیا، پولیس نے مقدمہ درج کر کے تفتیش شروع کر دی۔ ابتدائی رپورٹ کے مطابق ملزمان موقع سے فرار ہو گئے۔
لاہور میں سردی کی شدت میں اضافہ، شہریوں کو احتیاط کی ہدایت کی گئی ہے۔ محکمہ موسمیات کے مطابق آئندہ دنوں میں دھند کا امکان ہے۔
اسلام آباد میں اجلاس کے دوران اہم فیصلے کیے گئے، حکام نے عوامی مسائل کے حل کے لیے فوری اقدامات کی ہدایت جاری کی۔
44
پشاور میں ترقیاتی منصوبوں کا جائزہ لیا گیا، متعلقہ محکموں کو کام کی رفتار تیز کرنے کا حکم دیا گیا۔
کوئٹہ میں تعلیمی اداروں کی صورتحال پر رپورٹ پیش کی گئی، والدین نے سہولیات کی فراہمی کا مطالبہ کیا۔
کراچی میں فائرنگ کے واقعے میں ایک شخص جاں بحق ہو گیا، پولیس نے مقدمہ درج کر کے تفتیش شروع کر دی۔ ابتدائی رپورٹ کے مطابق ملزمان موقع سے فرار ہو گئے۔
لاہور میں سردی کی شدت میں اضافہ، شہریوں کو احتیاط کی ہدایت کی گئی ہے۔ محکمہ موسمیات کے مطابق آئندہ دنوں میں دھند کا امکان ہے۔
اسلام آباد میں اجلاس کے دوران اہم فیصلے کیے گئے، حکام نے عوامی مسائل کے حل کے لیے فوری اقدامات کی ہدایت جاری کی۔
پشاور میں ترقیاتی منصوبوں کا جائزہ لیا گیا، متعلقہ محکموں کو کام کی رفتار تیز کرنے کا حکم دیا گیا۔
کوئٹہ میں تعلیمی اداروں کی صورتحال پر رپورٹ پیش کی گئی، والدین نے سہولیات کی فراہمی کا مطالبہ کیا۔
45
کوئٹہ میں تعلیمی اداروں کی صورتحال پر رپورٹ پیش کی گئی، والدین نے سہولیات کی فراہمی کا مطالبہ کیا۔
کراچی میں فائرنگ کے واقعے میں ایک شخص جاں بحق ہو گیا، پولیس نے مقدمہ درج کر کے تفتیش شروع کر دی۔ ابتدائی رپورٹ کے مطابق ملزمان موقع سے فرار ہو گئے۔
لاہور میں سردی کی شدت میں اضافہ، شہریوں کو احتیاط کی ہدایت کی گئی ہے۔ محکمہ موسمیات کے مطابق آئندہ دنوں میں دھند کا امکان ہے۔
اسلام آباد میں اجلاس کے دوران اہم فیصلے کیے گئے، حکام نے عوامی مسائل کے حل کے لیے فوری اقدامات کی ہدایت جاری کی۔
46
کراچی میں فائرنگ کے واقعے میں ایک شخص جاں بحق ہو گیا، پولیس نے مقدمہ درج کر کے تفتیش شروع کر دی۔ ابتدائی رپورٹ کے مطابق ملزمان موقع سے فرار ہو گئے۔
لاہور میں سردی کی شدت میں اضافہ، شہریوں کو احتیاط کی ہدایت کی گئی ہے۔ محکمہ موسمیات کے مطابق آئندہ دنوں میں دھند کا امکان ہے۔
اسلام آباد میں اجلاس کے دوران اہم فیصلے کیے گئے، حکام نے عوامی مسائل کے حل کے لیے فوری اقدامات کی ہدایت جاری کی۔
پشاور میں ترقیاتی منصوبوں کا جائزہ لیا گیا، متعلقہ محکموں کو کام کی رفتار تیز کرنے کا حکم دیا گیا۔
کوئٹہ میں تعلیمی اداروں کی صورتحال پر رپورٹ پیش کی گئی، والدین نے سہولیات کی فراہمی کا مطالبہ کیا۔
47
لاہور میں سردی کی شدت میں اضافہ، شہریوں کو احتیاط کی ہدایت کی گئی ہے۔ محکمہ موسمیات کے مطابق آئندہ دنوں میں دھند کا امکان ہے۔
اسلام آباد میں اجلاس کے دوران اہم فیصلے کیے گئے، حکام نے عوامی مسائل کے حل کے لیے فوری اقدامات کی ہدایت جاری کی۔
پشاور میں ترقیاتی منصوبوں کا جائزہ لیا گیا، متعلقہ محکموں کو کام کی رفتار تیز کرنے کا حکم دیا گیا۔
کوئٹہ میں تعلیمی اداروں کی صورتحال پر رپورٹ پیش کی گئی، والدین نے سہولیات کی فراہمی کا مطالبہ کیا۔
کراچی میں فائرنگ کے واقعے میں ایک شخص جاں بحق ہو گیا، پولیس نے مقدمہ درج کر کے تفتیش شروع کر دی۔ ابتدائی رپورٹ کے مطابق ملزمان موقع سے فرار ہو گئے۔
لاہور میں سردی کی شدت میں اضافہ، شہریوں کو احتیاط کی ہدایت کی گئی ہے۔ محکمہ موسمیات کے مطابق آئندہ دنوں میں دھند کا امکان ہے۔
48
اسلام آباد میں اجلاس کے دوران اہم فیصلے کیے گئے، حکام نے عوامی مسائل کے حل کے لیے فوری اقدامات کی ہدایت جاری کی۔
پشاور میں ترقیاتی منصوبوں کا جائزہ لیا گیا، متعلقہ محکموں کو کام کی رفتار تیز کرنے کا حکم دیا گیا۔
کوئٹہ میں تعلیمی اداروں کی صورتحال پر رپورٹ پیش کی گئی، والدین نے سہولیات کی فراہمی کا مطالبہ کیا۔
کراچی میں فائرنگ کے واقعے میں ایک شخص جاں بحق ہو گیا، پولیس نے مقدمہ درج کر کے تفتیش شروع کر دی۔ ابتدائی رپورٹ کے مطابق ملزمان موقع سے فرار ہو گئے۔
لاہور میں سردی کی شدت میں اضافہ، شہریوں کو احتیاط کی ہدایت کی گئی ہے۔ محکمہ موسمیات کے مطابق آئندہ دنوں میں دھند کا امکان ہے۔
اسلام آباد میں اجلاس کے دوران اہم فیصلے کیے گئے، حکام نے عوامی مسائل کے حل کے لیے فوری اقدامات کی ہدایت جاری کی۔
پشاور میں ترقیاتی منصوبوں کا جائزہ لیا گیا، متعلقہ محکموں کو کام کی رفتار تیز کرنے کا حکم دیا گیا۔
49
پشاور میں ترقیاتی منصوبوں کا جائزہ لیا گیا، متعلقہ محکموں کو کام کی رفتار تیز کرنے کا حکم دیا گیا۔
کوئٹہ میں تعلیمی اداروں کی صورتحال پر رپورٹ پیش کی گئی، والدین نے سہولیات کی فراہمی کا مطالبہ کیا۔
کراچی میں فائرنگ کے واقعے میں ایک شخص جاں بحق ہو گیا، پولیس نے مقدمہ درج کر کے تفتیش شروع کر دی۔ ابتدائی رپورٹ کے مطابق ملزمان موقع سے فرار ہو گئے۔
لاہور میں سردی کی شدت میں اضافہ، شہریوں کو احتیاط کی ہدایت کی گئی ہے۔ محکمہ موسمیات کے مطابق آئندہ دنوں میں دھند کا امکان ہے۔
50
کوئٹہ میں تعلیمی اداروں کی صورتحال پر رپورٹ پیش کی گئی، والدین نے سہولیات کی فراہمی کا مطالبہ کیا۔
کراچی میں فائرنگ کے واقعے میں ایک شخص جاں بحق ہو گیا، پولیس نے مقدمہ درج کر کے تفتیش شروع کر دی۔ ابتدائی رپورٹ کے مطابق ملزمان موقع سے فرار ہو گئے۔
لاہور میں سردی کی شدت میں اضافہ، شہریوں کو احتیاط کی ہدایت کی گئی ہے۔ محکمہ موسمیات کے مطابق آئندہ دنوں میں دھند کا امکان ہے۔
اسلام آباد میں اجلاس کے دوران اہم فیصلے کیے گئے، حکام نے عوامی مسائل کے حل کے لیے فوری اقدامات کی ہدایت جاری کی۔
پشاور میں ترقیاتی منصوبوں کا جائزہ لیا گیا، متعلقہ محکموں کو کام کی رفتار تیز کرنے کا حکم دیا گیا۔
51
کراچی میں فائرنگ کے واقعے میں ایک شخص جاں بحق ہو گیا، پولیس نے مقدمہ درج کر کے تفتیش شروع کر دی۔ ابتدائی رپورٹ کے مطابق ملزمان موقع سے فرار ہو گئے۔
لاہور میں سردی کی شدت میں اضافہ، شہریوں کو احتیاط کی ہدایت کی گئی ہے۔ محکمہ موسمیات کے مطابق آئندہ دنوں میں دھند کا امکان ہے۔
اسلام آباد میں اجلاس کے دوران اہم فیصلے کیے گئے، حکام نے عوامی مسائل کے حل کے لیے فوری اقدامات کی ہدایت جاری کی۔
پشاور میں ترقیاتی منصوبوں کا جائزہ لیا گیا، متعلقہ محکموں کو کام کی رفتار تیز کرنے کا حکم دیا گیا۔
کوئٹہ میں تعلیمی اداروں کی صورتحال پر رپورٹ پیش کی گئی، والدین نے سہولیات کی فراہمی کا مطالبہ کیا۔
کراچی میں فائرنگ کے واقعے میں ایک شخص جاں بحق ہو گیا، پولیس نے مقدمہ درج کر کے تفتیش شروع کر دی۔ ابتدائی رپورٹ کے مطابق ملزمان موقع سے فرار ہو گئے۔
52
لاہور میں سردی کی شدت میں اضافہ، شہریوں کو احتیاط کی ہدایت کی گئی ہے۔ محکمہ موسمیات کے مطابق آئندہ دنوں میں دھند کا امکان ہے۔
اسلام آباد میں اجلاس کے دوران اہم فیصلے کیے گئے، حکام نے عوامی مسائل کے حل کے لیے فوری اقدامات کی ہدایت جاری کی۔
پشاور میں ترقیاتی منصوبوں کا جائزہ لیا گیا، متعلقہ محکموں کو کام کی رفتار تیز کرنے کا حکم دیا گیا۔
کوئٹہ میں تعلیمی اداروں کی صورتحال پر رپورٹ پیش کی گئی، والدین نے سہولیات کی فراہمی کا مطالبہ کیا۔
کراچی میں فائرنگ کے واقعے میں ایک شخص جاں بحق ہو گیا، پولیس نے مقدمہ درج کر کے تفتیش شروع کر دی۔ ابتدائی رپورٹ کے مطابق ملزمان موقع سے فرار ہو گئے۔
لاہور میں سردی کی شدت میں اضافہ، شہریوں کو احتیاط کی ہدایت کی گئی ہے۔ محکمہ موسمیات کے مطابق آئندہ دنوں میں دھند کا امکان ہے۔
اسلام آباد میں اجلاس کے دوران اہم فیصلے کیے گئے، حکام نے عوامی مسائل کے حل کے لیے فوری اقدامات کی ہدایت جاری کی۔
53
اسلام آباد میں اجلاس کے دوران اہم فیصلے کیے گئے، حکام نے عوامی مسائل کے حل کے لیے فوری اقدامات کی ہدایت جاری کی۔
پشاور میں ترقیاتی منصوبوں کا جائزہ لیا گیا، متعلقہ محکموں کو کام کی رفتار تیز کرنے کا حکم دیا گیا۔
کوئٹہ میں تعلیمی اداروں کی صورتحال پر رپورٹ پیش کی گئی، والدین نے سہولیات کی فراہمی کا مطالبہ کیا۔
کراچی میں فائرنگ کے واقعے میں ایک شخص جاں بحق ہو گیا، پولیس نے مقدمہ درج کر کے تفتیش شروع کر دی۔ ابتدائی رپورٹ کے مطابق ملزمان موقع سے فرار ہو گئے۔
54
پشاور میں ترقیاتی منصوبوں کا جائزہ لیا گیا، متعلقہ محکموں کو کام کی رفتار تیز کرنے کا حکم دیا گیا۔
کوئٹہ میں تعلیمی اداروں کی صورتحال پر رپورٹ پیش کی گئی، والدین نے سہولیات کی فراہمی کا مطالبہ کیا۔
کراچی میں فائرنگ کے واقعے میں ایک شخص جاں بحق ہو گیا، پولیس نے مقدمہ درج کر کے تفتیش شروع کر دی۔ ابتدائی رپورٹ کے مطابق ملزمان موقع سے فرار ہو گئے۔
لاہور میں سردی کی شدت میں اضافہ، شہریوں کو احتیاط کی ہدایت کی گئی ہے۔ محکمہ موسمیات کے مطابق آئندہ دنوں میں دھند کا امکان ہے۔
اسلام آباد میں اجلاس کے دوران اہم فیصلے کیے گئے، حکام نے عوامی مسائل کے حل کے لیے فوری اقدامات کی ہدایت جاری کی۔
55
کوئٹہ میں تعلیمی اداروں کی صورتحال پر رپورٹ پیش کی گئی، والدین نے سہولیات کی فراہمی کا مطالبہ کیا۔
کراچی میں فائرنگ کے واقعے میں ایک شخص جاں بحق ہو گیا، پولیس نے مقدمہ درج کر کے تفتیش شروع کر دی۔ ابتدائی رپورٹ کے مطابق ملزمان موقع سے فرار ہو گئے۔
لاہور میں سردی کی شدت میں اضافہ، شہریوں کو احتیاط کی ہدایت کی گئی ہے۔ محکمہ موسمیات کے مطابق آئندہ دنوں میں دھند کا امکان ہے۔
اسلام آباد میں اجلاس کے دوران اہم فیصلے کیے گئے، حکام نے عوامی مسائل کے حل کے لیے فوری اقدامات کی ہدایت جاری کی۔
پشاور میں ترقیاتی منصوبوں کا جائزہ لیا گیا، متعلقہ محکموں کو کام کی رفتار تیز کرنے کا حکم دیا گیا۔
کوئٹہ میں تعلیمی اداروں کی صورتحال پر رپورٹ پیش کی گئی، والدین نے سہولیات کی فراہمی کا مطالبہ کیا۔
56
کراچی میں فائرنگ کے واقعے میں ایک شخص جاں بحق ہو گیا، پولیس نے مقدمہ درج کر کے تفتیش شروع کر دی۔ ابتدائی رپورٹ کے مطابق ملزمان موقع سے فرار ہو گئے۔
لاہور میں سردی کی شدت میں اضافہ، شہریوں کو احتیاط کی ہدایت کی گئی ہے۔ محکمہ موسمیات کے مطابق آئندہ دنوں میں دھند کا امکان ہے۔
اسلام آباد میں اجلاس کے دوران اہم فیصلے کیے گئے، حکام نے عوامی مسائل کے حل کے لیے فوری اقدامات کی ہدایت جاری کی۔
پشاور میں ترقیاتی منصوبوں کا جائزہ لیا گیا، متعلقہ محکموں کو کام کی رفتار تیز کرنے کا حکم دیا گیا۔
کوئٹہ میں تعلیمی اداروں کی صورتحال پر رپورٹ پیش کی گئی، والدین نے سہولیات کی فراہمی کا مطالبہ کیا۔
کراچی میں فائرنگ کے واقعے میں ایک شخص جاں بحق ہو گیا، پولیس نے مقدمہ درج کر کے تفتیش شروع کر دی۔ ابتدائی رپورٹ کے مطابق ملزمان موقع سے فرار ہو گئے۔
لاہور میں سردی کی شدت میں اضافہ، شہریوں کو احتیاط کی ہدایت کی گئی ہے۔ محکمہ موسمیات کے مطابق آئندہ دنوں میں دھند کا امکان ہے۔
57
لاہور میں سردی کی شدت میں اضافہ، شہریوں کو احتیاط کی ہدایت کی گئی ہے۔ محکمہ موسمیات کے مطابق آئندہ دنوں میں دھند کا امکان ہے۔
اسلام آباد میں اجلاس کے دوران اہم فیصلے کیے گئے، حکام نے عوامی مسائل کے حل کے لیے فوری اقدامات کی ہدایت جاری کی۔
پشاور میں ترقیاتی منصوبوں کا جائزہ لیا گیا، متعلقہ محکموں کو کام کی رفتار تیز کرنے کا حکم دیا گیا۔
کوئٹہ میں تعلیمی اداروں کی صورتحال پر رپورٹ پیش کی گئی، والدین نے سہولیات کی فراہمی کا مطالبہ کیا۔
